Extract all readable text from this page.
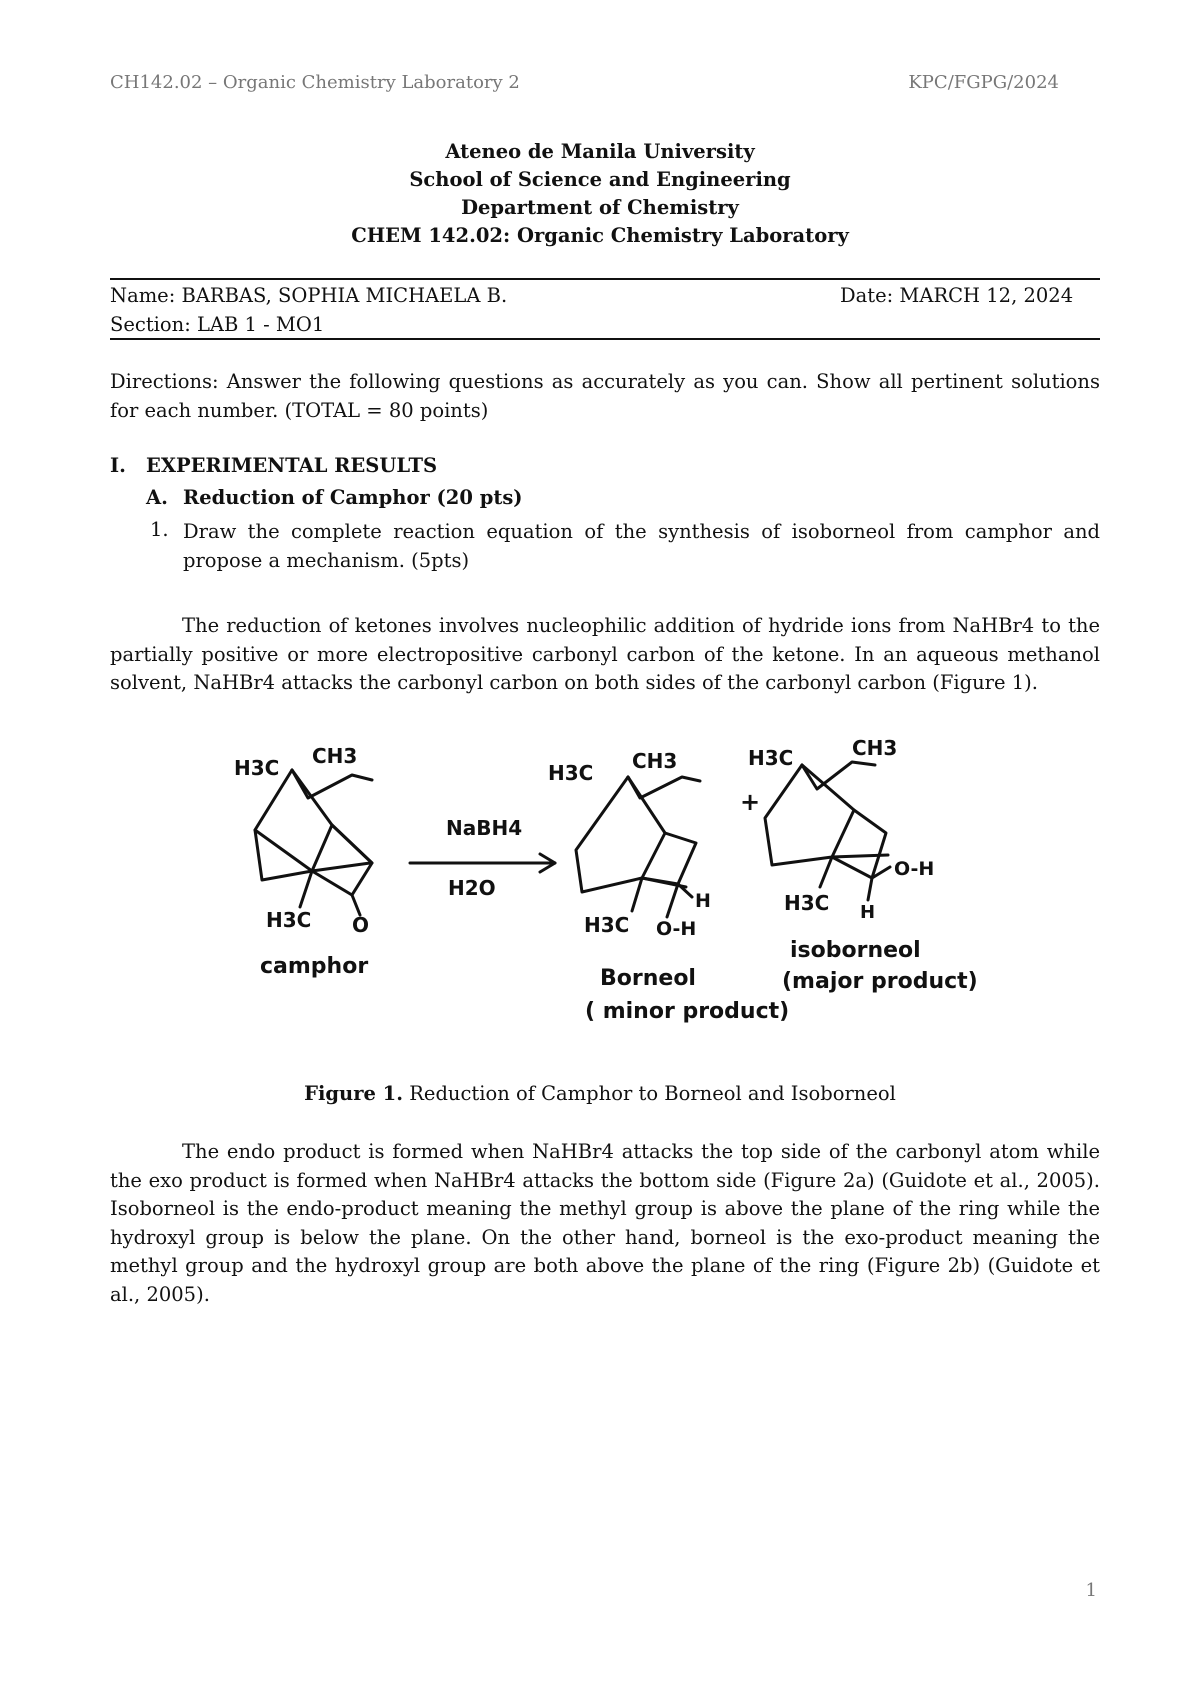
CH142.02 – Organic Chemistry Laboratory 2	KPC/FGPG/2024
Ateneo de Manila University
School of Science and Engineering
Department of Chemistry
CHEM 142.02: Organic Chemistry Laboratory
Name: BARBAS, SOPHIA MICHAELA B.	Date: MARCH 12, 2024
Section: LAB 1 - MO1
Directions: Answer the following questions as accurately as you can. Show all pertinent solutions for each number. (TOTAL = 80 points)
I. EXPERIMENTAL RESULTS
A. Reduction of Camphor (20 pts)
1. Draw the complete reaction equation of the synthesis of isoborneol from camphor and propose a mechanism. (5pts)
The reduction of ketones involves nucleophilic addition of hydride ions from NaHBr4 to the partially positive or more electropositive carbonyl carbon of the ketone. In an aqueous methanol solvent, NaHBr4 attacks the carbonyl carbon on both sides of the carbonyl carbon (Figure 1).
H3C CH3
H3C O
camphor
NaBH4
H2O
H3C CH3
H
H3C O-H
Borneol
( minor product)
+
H3C	CH3
O-H
H
H3C
isoborneol
(major product)
Figure 1. Reduction of Camphor to Borneol and Isoborneol
The endo product is formed when NaHBr4 attacks the top side of the carbonyl atom while the exo product is formed when NaHBr4 attacks the bottom side (Figure 2a) (Guidote et al., 2005). Isoborneol is the endo-product meaning the methyl group is above the plane of the ring while the hydroxyl group is below the plane. On the other hand, borneol is the exo-product meaning the methyl group and the hydroxyl group are both above the plane of the ring (Figure 2b) (Guidote et al., 2005).
1
